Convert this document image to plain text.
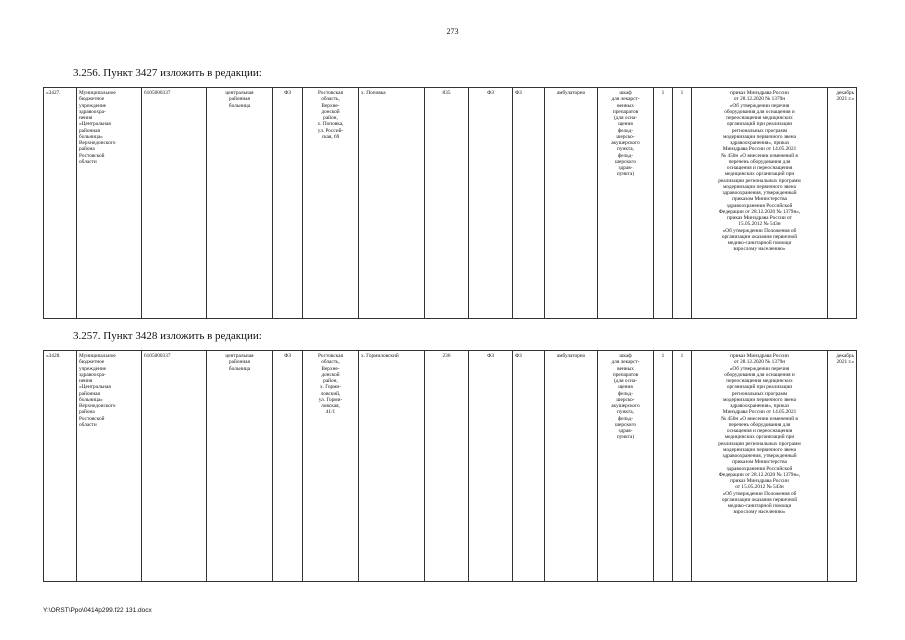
273
3.256. Пункт 3427 изложить в редакции:
«3427.	Муниципальное
бюджетное
учреждение
здравоохра-
нения
«Центральная
районная
больница»
Верхнедонского
района
Ростовской
области
	6105000337	центральная
районная
больница
	ФЗ	Ростовская
область,
Верхне-
донской
район,
х. Поповка,
ул. Россий-
ская, 69
	х. Поповка	835	ФЗ	ФЗ	амбулаторно	шкаф
для лекарст-
венных
препаратов
(для осна-
щения
фельд-
шерско-
акушерского
пункта,
фельд-
шерского
здрав-
пункта)
	1	1	приказ Минздрава России
от 28.12.2020 № 1379н
«Об утверждении перечня
оборудования для оснащения и
переоснащения медицинских
организаций при реализации
региональных программ
модернизации первичного звена
здравоохранения», приказ
Минздрава России от 14.05.2021
№ 450н «О внесении изменений в
перечень оборудования для
оснащения и переоснащения
медицинских организаций при
реализации региональных программ
модернизации первичного звена
здравоохранения, утвержденный
приказом Министерства
здравоохранения Российской
Федерации от 28.12.2020 № 1379н»,
приказ Минздрава России от
15.05.2012 № 543н
«Об утверждении Положения об
организации оказания первичной
медико-санитарной помощи
взрослому населению»

декабрь
2021 г.»
3.257. Пункт 3428 изложить в редакции:
«3428.	Муниципальное
бюджетное
учреждение
здравоохра-
нения
«Центральная
районная
больница»
Верхнедонского
района
Ростовской
области
	6105000337	центральная
районная
больница
	ФЗ	Ростовская
область,
Верхне-
донской
район,
х. Горми-
ловский,
ул. Горми-
ловская,
41/1
	х. Гормиловский	236	ФЗ	ФЗ	амбулаторно	шкаф
для лекарст-
венных
препаратов
(для осна-
щения
фельд-
шерско-
акушерского
пункта,
фельд-
шерского
здрав-
пункта)
	1	1	приказ Минздрава России
от 28.12.2020 № 1379н
«Об утверждении перечня
оборудования для оснащения и
переоснащения медицинских
организаций при реализации
региональных программ
модернизации первичного звена
здравоохранения», приказ
Минздрава России от 14.05.2021
№ 450н «О внесении изменений в
перечень оборудования для
оснащения и переоснащения
медицинских организаций при
реализации региональных программ
модернизации первичного звена
здравоохранения, утвержденный
приказом Министерства
здравоохранения Российской
Федерации от 28.12.2020 № 1379н»,
приказ Минздрава России
от 15.05.2012 № 543н
«Об утверждении Положения об
организации оказания первичной
медико-санитарной помощи
взрослому населению»

декабрь
2021 г.»
Y:\ORST\Ppo\0414p299.f22 131.docx
